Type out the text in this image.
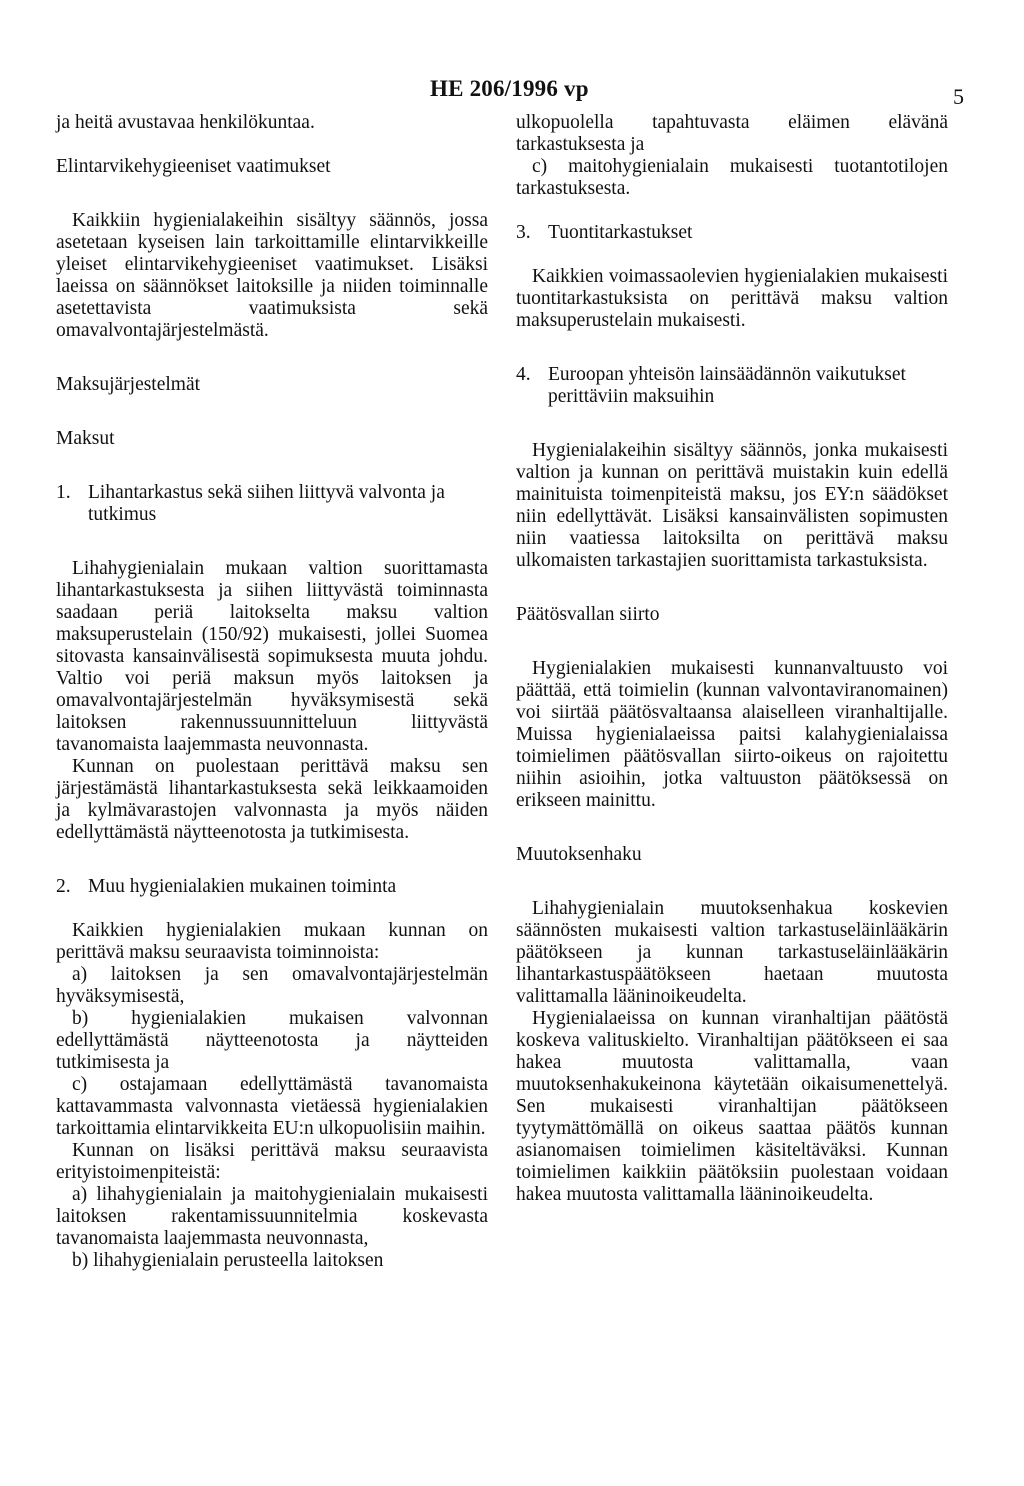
HE 206/1996 vp	5

ja heitä avustavaa henkilökuntaa.

Elintarvikehygieeniset vaatimukset

Kaikkiin hygienialakeihin sisältyy säännös, jossa asetetaan kyseisen lain tarkoittamille elintarvikkeille yleiset elintarvikehygieeniset vaatimukset. Lisäksi laeissa on säännökset laitoksille ja niiden toiminnalle asetettavista vaatimuksista sekä omavalvontajärjestelmästä.

Maksujärjestelmät

Maksut

1. Lihantarkastus sekä siihen liittyvä valvonta ja tutkimus

Lihahygienialain mukaan valtion suorittamasta lihantarkastuksesta ja siihen liittyvästä toiminnasta saadaan periä laitokselta maksu valtion maksuperustelain (150/92) mukaisesti, jollei Suomea sitovasta kansainvälisestä sopimuksesta muuta johdu. Valtio voi periä maksun myös laitoksen ja omavalvontajärjestelmän hyväksymisestä sekä laitoksen rakennussuunnitteluun liittyvästä tavanomaista laajemmasta neuvonnasta.

Kunnan on puolestaan perittävä maksu sen järjestämästä lihantarkastuksesta sekä leikkaamoiden ja kylmävarastojen valvonnasta ja myös näiden edellyttämästä näytteenotosta ja tutkimisesta.

2. Muu hygienialakien mukainen toiminta

Kaikkien hygienialakien mukaan kunnan on perittävä maksu seuraavista toiminnoista:

a) laitoksen ja sen omavalvontajärjestelmän hyväksymisestä,

b) hygienialakien mukaisen valvonnan edellyttämästä näytteenotosta ja näytteiden tutkimisesta ja

c) ostajamaan edellyttämästä tavanomaista kattavammasta valvonnasta vietäessä hygienialakien tarkoittamia elintarvikkeita EU:n ulkopuolisiin maihin.

Kunnan on lisäksi perittävä maksu seuraavista erityistoimenpiteistä:

a) lihahygienialain ja maitohygienialain mukaisesti laitoksen rakentamissuunnitelmia koskevasta tavanomaista laajemmasta neuvonnasta,

b) lihahygienialain perusteella laitoksen

ulkopuolella tapahtuvasta eläimen elävänä tarkastuksesta ja

c) maitohygienialain mukaisesti tuotantotilojen tarkastuksesta.

3. Tuontitarkastukset

Kaikkien voimassaolevien hygienialakien mukaisesti tuontitarkastuksista on perittävä maksu valtion maksuperustelain mukaisesti.

4. Euroopan yhteisön lainsäädännön vaikutukset perittäviin maksuihin

Hygienialakeihin sisältyy säännös, jonka mukaisesti valtion ja kunnan on perittävä muistakin kuin edellä mainituista toimenpiteistä maksu, jos EY:n säädökset niin edellyttävät. Lisäksi kansainvälisten sopimusten niin vaatiessa laitoksilta on perittävä maksu ulkomaisten tarkastajien suorittamista tarkastuksista.

Päätösvallan siirto

Hygienialakien mukaisesti kunnanvaltuusto voi päättää, että toimielin (kunnan valvontaviranomainen) voi siirtää päätösvaltaansa alaiselleen viranhaltijalle. Muissa hygienialaeissa paitsi kalahygienialaissa toimielimen päätösvallan siirto-oikeus on rajoitettu niihin asioihin, jotka valtuuston päätöksessä on erikseen mainittu.

Muutoksenhaku

Lihahygienialain muutoksenhakua koskevien säännösten mukaisesti valtion tarkastuseläinlääkärin päätökseen ja kunnan tarkastuseläinlääkärin lihantarkastuspäätökseen haetaan muutosta valittamalla lääninoikeudelta.

Hygienialaeissa on kunnan viranhaltijan päätöstä koskeva valituskielto. Viranhaltijan päätökseen ei saa hakea muutosta valittamalla, vaan muutoksenhakukeinona käytetään oikaisumenettelyä. Sen mukaisesti viranhaltijan päätökseen tyytymättömällä on oikeus saattaa päätös kunnan asianomaisen toimielimen käsiteltäväksi. Kunnan toimielimen kaikkiin päätöksiin puolestaan voidaan hakea muutosta valittamalla lääninoikeudelta.
